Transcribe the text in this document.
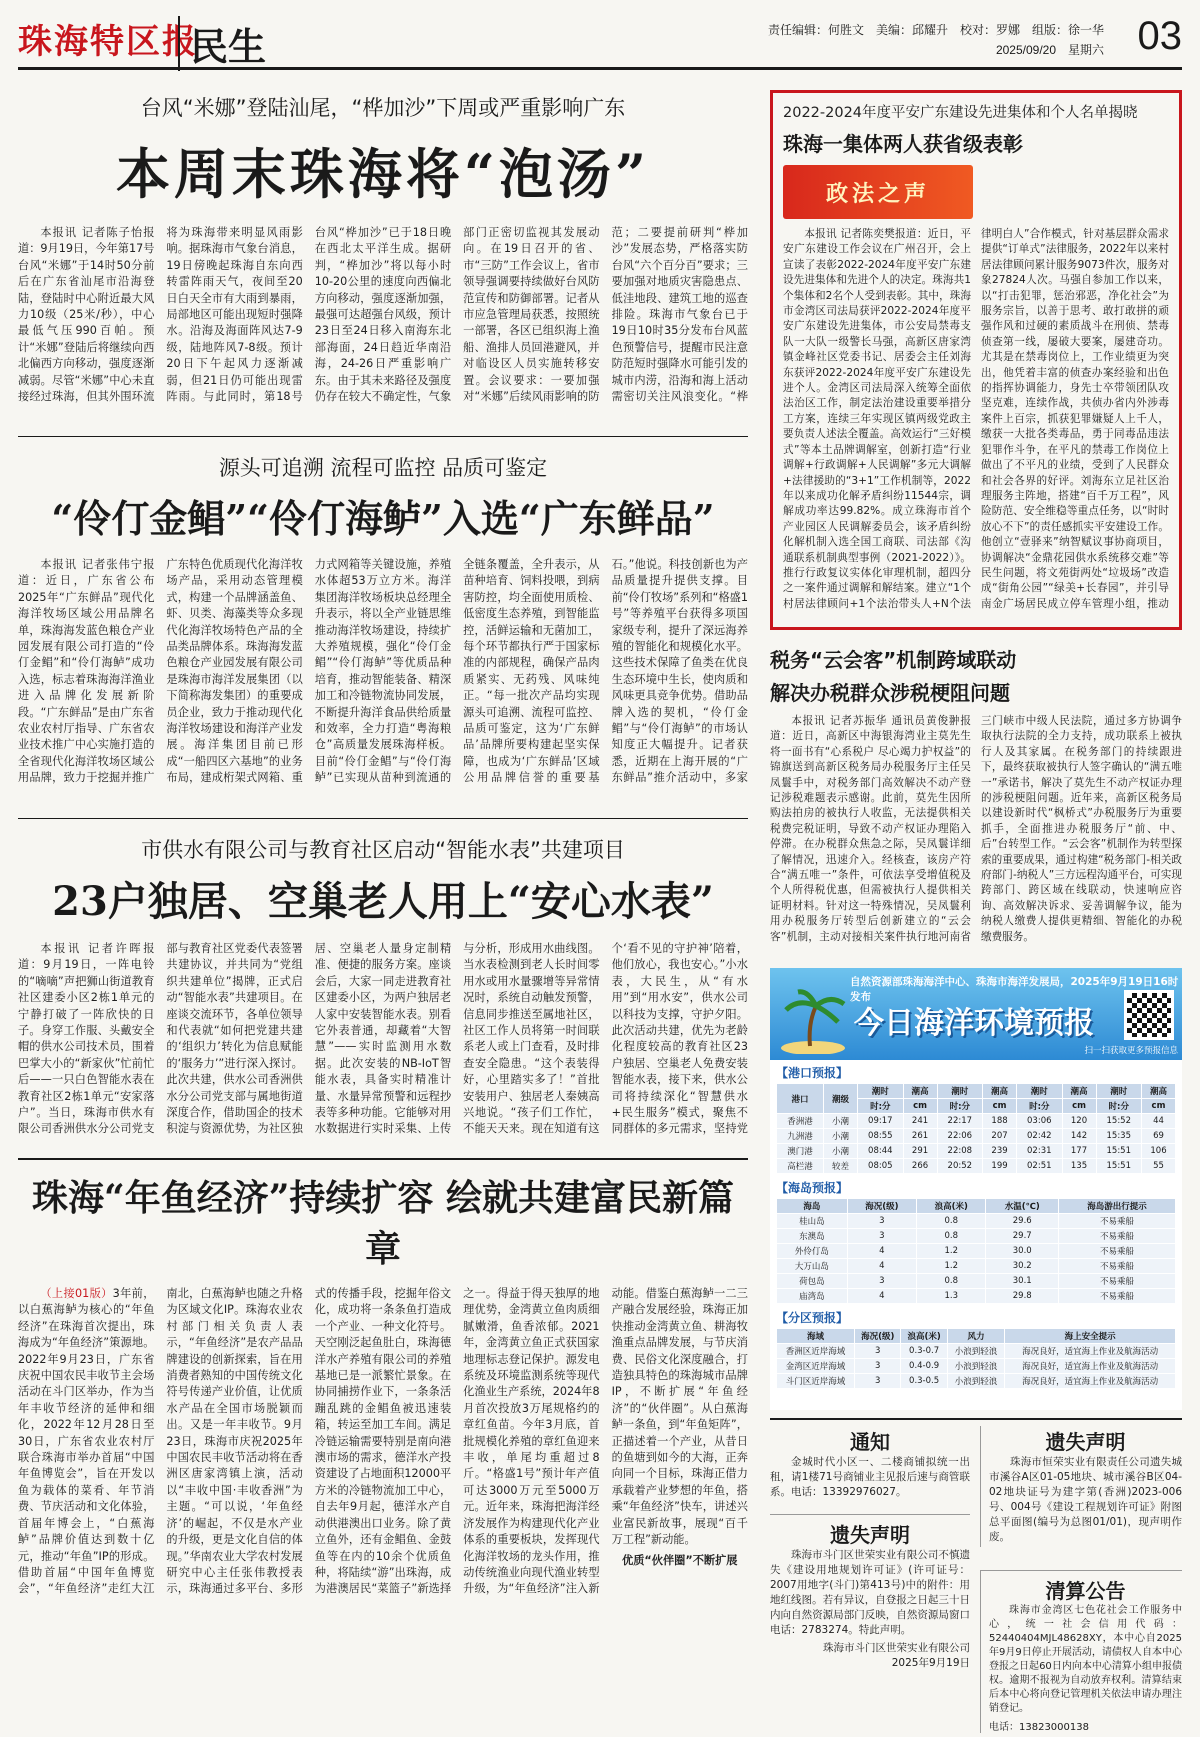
珠海特区报
民生	责任编辑：何胜文　美编：邱耀升　校对：罗娜　组版：徐一华
2025/09/20　星期六 03
台风“米娜”登陆汕尾，“桦加沙”下周或严重影响广东
本周末珠海将“泡汤”

本报讯 记者陈子怡报道：9月19日，今年第17号台风“米娜”于14时50分前后在广东省汕尾市沿海登陆，登陆时中心附近最大风力10级（25米/秒），中心最低气压990百帕。预计“米娜”登陆后将继续向西北偏西方向移动，强度逐渐减弱。尽管“米娜”中心未直接经过珠海，但其外围环流将为珠海带来明显风雨影响。据珠海市气象台消息，19日傍晚起珠海自东向西转雷阵雨天气，夜间至20日白天全市有大雨到暴雨，局部地区可能出现短时强降水。沿海及海面阵风达7-9级，陆地阵风7-8级。预计20日下午起风力逐渐减弱，但21日仍可能出现雷阵雨。与此同时，第18号台风“桦加沙”已于18日晚在西北太平洋生成。据研判，“桦加沙”将以每小时10-20公里的速度向西偏北方向移动，强度逐渐加强，最强可达超强台风级，预计23日至24日移入南海东北部海面，24日趋近华南沿海，24-26日严重影响广东。由于其未来路径及强度仍存在较大不确定性，气象部门正密切监视其发展动向。在19日召开的省、市“三防”工作会议上，省市领导强调要持续做好台风防范宣传和防御部署。记者从市应急管理局获悉，按照统一部署，各区已组织海上渔船、渔排人员回港避风，并对临设区人员实施转移安置。会议要求：一要加强对“米娜”后续风雨影响的防范；二要提前研判“桦加沙”发展态势，严格落实防台风“六个百分百”要求；三要加强对地质灾害隐患点、低洼地段、建筑工地的巡查排险。珠海市气象台已于19日10时35分发布台风蓝色预警信号，提醒市民注意防范短时强降水可能引发的城市内涝，沿海和海上活动需密切关注风浪变化。“桦

源头可追溯 流程可监控 品质可鉴定
“伶仃金鲳”“伶仃海鲈”入选“广东鲜品”

本报讯 记者张伟宁报道：近日，广东省公布2025年“广东鲜品”现代化海洋牧场区域公用品牌名单，珠海海发蓝色粮仓产业园发展有限公司打造的“伶仃金鲳”和“伶仃海鲈”成功入选，标志着珠海海洋渔业进入品牌化发展新阶段。“广东鲜品”是由广东省农业农村厅指导、广东省农业技术推广中心实施打造的全省现代化海洋牧场区域公用品牌，致力于挖掘并推广广东特色优质现代化海洋牧场产品，采用动态管理模式，构建一个品牌涵盖鱼、虾、贝类、海藻类等众多现代化海洋牧场特色产品的全品类品牌体系。珠海海发蓝色粮仓产业园发展有限公司是珠海市海洋发展集团（以下简称海发集团）的重要成员企业，致力于推动现代化海洋牧场建设和海洋产业发展。海洋集团目前已形成“一船四区六基地”的业务布局，建成桁架式网箱、重力式网箱等关键设施，养殖水体超53万立方米。海洋集团海洋牧场板块总经理全升表示，将以全产业链思维推动海洋牧场建设，持续扩大养殖规模，强化“伶仃金鲳”“伶仃海鲈”等优质品种培育，推动智能装备、精深加工和冷链物流协同发展，不断提升海洋食品供给质量和效率，全力打造“粤海粮仓”高质量发展珠海样板。目前“伶仃金鲳”与“伶仃海鲈”已实现从苗种到流通的全链条覆盖，全升表示，从苗种培育、饲料投喂，到病害防控，均全面使用质检、低密度生态养殖，到智能监控，活鲜运输和无菌加工，每个环节都执行严于国家标准的内部规程，确保产品肉质紧实、无药残、风味纯正。“每一批次产品均实现源头可追溯、流程可监控、品质可鉴定，这为‘广东鲜品’品牌所要构建起坚实保障，也成为‘广东鲜品’区域公用品牌信誉的重要基石。”他说。科技创新也为产品质量提升提供支撑。目前“伶仃牧场”系列和“格盛1号”等养殖平台获得多项国家级专利，提升了深远海养殖的智能化和规模化水平。这些技术保障了鱼类在优良生态环境中生长，使肉质和风味更具竞争优势。借助品牌入选的契机，“伶仃金鲳”与“伶仃海鲈”的市场认知度正大幅提升。记者获悉，近期在上海开展的“广东鲜品”推介活动中，多家

市供水有限公司与教育社区启动“智能水表”共建项目
23户独居、空巢老人用上“安心水表”

本报讯 记者许晖报道：9月19日，一阵电铃的“嘀嘀”声把狮山街道教育社区建委小区2栋1单元的宁静打破了一阵欣快的日子。身穿工作服、头戴安全帽的供水公司技术员，围着巴掌大小的“新家伙”忙前忙后——一只白色智能水表在教育社区2栋1单元“安家落户”。当日，珠海市供水有限公司香洲供水分公司党支部与教育社区党委代表签署共建协议，并共同为“党组织共建单位”揭牌，正式启动“智能水表”共建项目。在座谈交流环节，各单位领导和代表就“如何把党建共建的‘组织力’转化为信息赋能的‘服务力’”进行深入探讨。此次共建，供水公司香洲供水分公司党支部与属地街道深度合作，借助国企的技术积淀与资源优势，为社区独居、空巢老人量身定制精准、便捷的服务方案。座谈会后，大家一同走进教育社区建委小区，为两户独居老人家中安装智能水表。别看它外表普通，却藏着“大智慧”——实时监测用水数据。此次安装的NB-IoT智能水表，具备实时精准计量、水量异常预警和远程抄表等多种功能。它能够对用水数据进行实时采集、上传与分析，形成用水曲线图。当水表检测到老人长时间零用水或用水量骤增等异常情况时，系统自动触发预警，信息同步推送至属地社区，社区工作人员将第一时间联系老人或上门查看，及时排查安全隐患。“这个表装得好，心里踏实多了！”首批安装用户、独居老人秦姨高兴地说。“孩子们工作忙，不能天天来。现在知道有这个‘看不见的守护神’陪着，他们放心，我也安心。”小水表，大民生，从“有水用”到“用水安”，供水公司以科技为支撑，守护夕阳。此次活动共建，优先为老龄化程度较高的教育社区23户独居、空巢老人免费安装智能水表，接下来，供水公司将持续深化“智慧供水+民生服务”模式，聚焦不同群体的多元需求，坚持党

珠海“年鱼经济”持续扩容 绘就共建富民新篇章

（上接01版）3年前，以白蕉海鲈为核心的“年鱼经济”在珠海首次提出，珠海成为“年鱼经济”策源地。2022年9月23日，广东省庆祝中国农民丰收节主会场活动在斗门区举办，作为当年丰收节经济的延伸和细化，2022年12月28日至30日，广东省农业农村厅联合珠海市举办首届“中国年鱼博览会”，旨在开发以鱼为载体的菜肴、年节消费、节庆活动和文化体验，首届年博会上，“白蕉海鲈”品牌价值达到数十亿元，推动“年鱼”IP的形成。借助首届“中国年鱼博览会”，“年鱼经济”走红大江南北，白蕉海鲈也随之升格为区域文化IP。珠海农业农村部门相关负责人表示，“年鱼经济”是农产品品牌建设的创新探索，旨在用消费者熟知的中国传统文化符号传递产业价值，让优质水产品在全国市场脱颖而出。又是一年丰收节。9月23日，珠海市庆祝2025年中国农民丰收节活动将在香洲区唐家湾镇上演，活动以“丰收中国·丰收香洲”为主题。“可以说，‘年鱼经济’的崛起，不仅是水产业的升级，更是文化自信的体现。”华南农业大学农村发展研究中心主任张伟教授表示，珠海通过多平台、多形式的传播手段，挖掘年俗文化，成功将一条条鱼打造成一个产业、一种文化符号。天空刚泛起鱼肚白，珠海德洋水产养殖有限公司的养殖基地已是一派繁忙景象。在协同捕捞作业下，一条条活蹦乱跳的金鲳鱼被迅速装箱，转运至加工车间。满足冷链运输需要特别是南向港澳市场的需求，德洋水产投资建设了占地面积12000平方米的冷链物流加工中心，自去年9月起，德洋水产自动供港澳出口业务。除了黄立鱼外，还有金鲳鱼、金鼓鱼等在内的10余个优质鱼种，将陆续“游”出珠海，成为港澳居民“菜篮子”新选择之一。得益于得天独厚的地理优势，金湾黄立鱼肉质细腻嫩滑，鱼香浓郁。2021年，金湾黄立鱼正式获国家地理标志登记保护。源发电系统及环境监测系统等现代化渔业生产系统，2024年8月首次投放3万尾规格约的章红鱼苗。今年3月底，首批规模化养殖的章红鱼迎来丰收，单尾均重超过8斤。“格盛1号”预计年产值可达3000万元至5000万元。近年来，珠海把海洋经济发展作为构建现代化产业体系的重要板块，发挥现代化海洋牧场的龙头作用，推动传统渔业向现代渔业转型升级，为“年鱼经济”注入新动能。借鉴白蕉海鲈一二三产融合发展经验，珠海正加快推动金湾黄立鱼、耕海牧渔重点品牌发展，与节庆消费、民俗文化深度融合，打造独具特色的珠海城市品牌IP，不断扩展“年鱼经济”的“伙伴圈”。从白蕉海鲈一条鱼，到“年鱼矩阵”，正描述着一个产业，从昔日的鱼塘到如今的大海，正奔向同一个目标，珠海正借力承载着产业梦想的年鱼，搭乘“年鱼经济”快车，讲述兴业富民新故事，展现“百千万工程”新动能。

优质“伙伴圈”不断扩展

2022-2024年度平安广东建设先进集体和个人名单揭晓
珠海一集体两人获省级表彰
政法之声

本报讯 记者陈奕樊报道：近日，平安广东建设工作会议在广州召开，会上宣读了表彰2022-2024年度平安广东建设先进集体和先进个人的决定。珠海共1个集体和2名个人受到表彰。其中，珠海市金湾区司法局获评2022-2024年度平安广东建设先进集体，市公安局禁毒支队一大队一级警长马强，高新区唐家湾镇金峰社区党委书记、居委会主任刘海东获评2022-2024年度平安广东建设先进个人。金湾区司法局深入统筹全面依法治区工作，制定法治建设重要举措分工方案，连续三年实现区镇两级党政主要负责人述法全覆盖。高效运行“三好模式”等本土品牌调解室，创新打造“行业调解+行政调解+人民调解”多元大调解+法律援助的“3+1”工作机制等，2022年以来成功化解矛盾纠纷11544宗，调解成功率达99.82%。成立珠海市首个产业园区人民调解委员会，该矛盾纠纷化解机制入选全国工商联、司法部《沟通联系机制典型事例（2021-2022）》。推行行政复议实体化审理机制，超四分之一案件通过调解和解结案。建立“1个村居法律顾问+1个法治带头人+N个法律明白人”合作模式，针对基层群众需求提供“订单式”法律服务，2022年以来村居法律顾问累计服务9073件次，服务对象27824人次。马强自参加工作以来，以“打击犯罪，惩治邪恶，净化社会”为服务宗旨，以善于思考、敢打敢拼的顽强作风和过硬的素质战斗在刑侦、禁毒侦查第一线，屡破大要案，屡建奇功。尤其是在禁毒岗位上，工作业绩更为突出，他凭着丰富的侦查办案经验和出色的指挥协调能力，身先士卒带领团队攻坚克难，连续作战，共侦办省内外涉毒案件上百宗，抓获犯罪嫌疑人上千人，缴获一大批各类毒品，勇于同毒品违法犯罪作斗争，在平凡的禁毒工作岗位上做出了不平凡的业绩，受到了人民群众和社会各界的好评。刘海东立足社区治理服务主阵地，搭建“百千万工程”，风险防范、安全维稳等重点任务，以“时时放心不下”的责任感抓实平安建设工作。他创立“壹驿来”纳智赋议事协商项目，协调解决“金鼎花园供水系统移交难”等民生问题，将文苑街两处“垃圾场”改造成“街角公园”“绿美+长春园”，并引导南金广场居民成立停车管理小组，推动

税务“云会客”机制跨域联动
解决办税群众涉税梗阻问题

本报讯 记者苏振华 通讯员黄俊翀报道：近日，高新区中海银海湾业主莫先生将一面书有“心系税户 尽心竭力护权益”的锦旗送到高新区税务局办税服务厅主任吴凤鬟手中，对税务部门高效解决不动产登记涉税难题表示感谢。此前，莫先生因所购法拍房的被执行人收监，无法提供相关税费完税证明，导致不动产权证办理陷入停滞。在办税群众焦急之际，吴凤鬟详细了解情况，迅速介入。经核查，该房产符合“满五唯一”条件，可依法享受增值税及个人所得税优惠，但需被执行人提供相关证明材料。针对这一特殊情况，吴凤鬟利用办税服务厅转型后创新建立的“云会客”机制，主动对接相关案件执行地河南省三门峡市中级人民法院，通过多方协调争取执行法院的全力支持，成功联系上被执行人及其家属。在税务部门的持续跟进下，最终获取被执行人签字确认的“满五唯一”承诺书，解决了莫先生不动产权证办理的涉税梗阻问题。近年来，高新区税务局以建设新时代“枫桥式”办税服务厅为重要抓手，全面推进办税服务厅“前、中、后”台转型工作。“云会客”机制作为转型探索的重要成果，通过构建“税务部门-相关政府部门-纳税人”三方远程沟通平台，可实现跨部门、跨区域在线联动，快速响应咨询、高效解决诉求、妥善调解争议，能为纳税人缴费人提供更精细、智能化的办税缴费服务。

自然资源部珠海海洋中心、珠海市海洋发展局，2025年9月19日16时发布
今日海洋环境预报
扫一扫获取更多预报信息
【港口预报】
港口	潮级	潮时	潮高	潮时	潮高	潮时	潮高	潮时	潮高
		时:分	cm	时:分	cm	时:分	cm	时:分	cm
香洲港	小潮	09:17	241	22:17	188	03:06	120	15:52	44
九洲港	小潮	08:55	261	22:06	207	02:42	142	15:35	69
澳门港	小潮	08:44	291	22:08	239	02:31	177	15:51	106
高栏港	较差	08:05	266	20:52	199	02:51	135	15:51	55
【海岛预报】
海岛	海况(级)	浪高(米)	水温(℃)	海岛游出行提示
桂山岛	3	0.8	29.6	不易乘船
东澳岛	3	0.8	29.7	不易乘船
外伶仃岛	4	1.2	30.0	不易乘船
大万山岛	4	1.2	30.2	不易乘船
荷包岛	3	0.8	30.1	不易乘船
庙湾岛	4	1.3	29.8	不易乘船
【分区预报】
海域	海况(级)	浪高(米)	风力	海上安全提示
香洲区近岸海域	3	0.3-0.7	小浪到轻浪	海况良好，适宜海上作业及航海活动
金湾区近岸海域	3	0.4-0.9	小浪到轻浪	海况良好，适宜海上作业及航海活动
斗门区近岸海域	3	0.3-0.5	小浪到轻浪	海况良好，适宜海上作业及航海活动
通知

金城时代小区一、二楼商铺拟统一出租，请1楼71号商铺业主见报后速与商管联系。电话：13392976027。

遗失声明

珠海市斗门区世荣实业有限公司不慎遗失《建设用地规划许可证》(许可证号：2007用地字(斗门)第413号)中的附件：用地红线图。若有异议，自登报之日起三十日内向自然资源局部门反映，自然资源局窗口电话：2783274。特此声明。

珠海市斗门区世荣实业有限公司
2025年9月19日
遗失声明

珠海市恒荣实业有限责任公司遗失城市溪谷A区01-05地块、城市溪谷B区04-02地块证号为建字第(香洲)2023-006号、004号《建设工程规划许可证》附图总平面图(编号为总图01/01)，现声明作废。

清算公告

珠海市金湾区七色花社会工作服务中心，统一社会信用代码：52440404MJL48628XY，本中心自2025年9月9日停止开展活动，请债权人自本中心登报之日起60日内向本中心清算小组申报债权。逾期不报视为自动放弃权利。清算结束后本中心将向登记管理机关依法申请办理注销登记。

电话：13823000138
